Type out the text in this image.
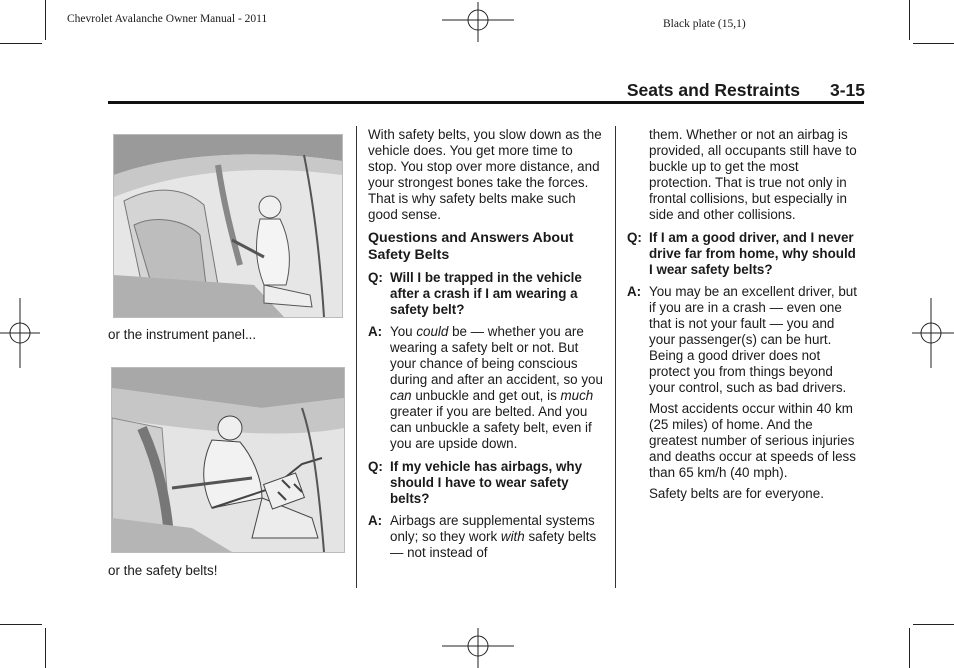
Chevrolet Avalanche Owner Manual - 2011	Black plate (15,1)
Seats and Restraints 3-15
or the instrument panel...
or the safety belts!

With safety belts, you slow down as the vehicle does. You get more time to stop. You stop over more distance, and your strongest bones take the forces. That is why safety belts make such good sense.

Questions and Answers About Safety Belts

Q: Will I be trapped in the vehicle after a crash if I am wearing a safety belt?
A: You could be — whether you are wearing a safety belt or not. But your chance of being conscious during and after an accident, so you can unbuckle and get out, is much greater if you are belted. And you can unbuckle a safety belt, even if you are upside down.
Q: If my vehicle has airbags, why should I have to wear safety belts?
A: Airbags are supplemental systems only; so they work with safety belts — not instead of

them. Whether or not an airbag is provided, all occupants still have to buckle up to get the most protection. That is true not only in frontal collisions, but especially in side and other collisions.

Q: If I am a good driver, and I never drive far from home, why should I wear safety belts?
A: You may be an excellent driver, but if you are in a crash — even one that is not your fault — you and your passenger(s) can be hurt. Being a good driver does not protect you from things beyond your control, such as bad drivers.

Most accidents occur within 40 km (25 miles) of home. And the greatest number of serious injuries and deaths occur at speeds of less than 65 km/h (40 mph).

Safety belts are for everyone.
